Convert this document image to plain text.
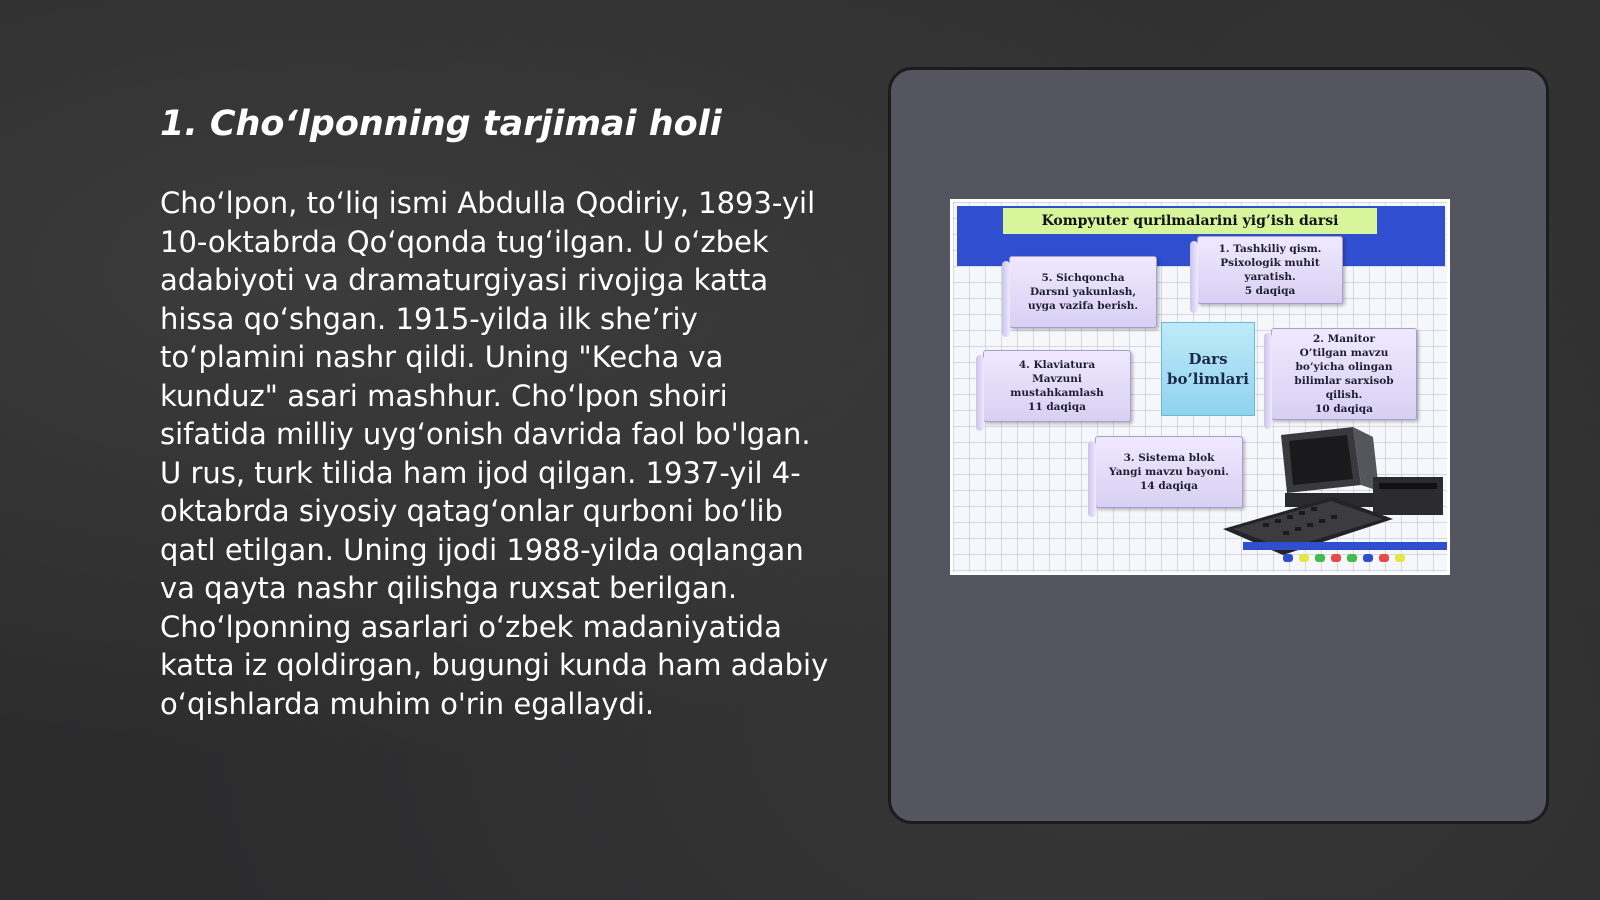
1. Cho‘lponning tarjimai holi
Cho‘lpon, to‘liq ismi Abdulla Qodiriy, 1893-yil 10-oktabrda Qo‘qonda tug‘ilgan. U o‘zbek adabiyoti va dramaturgiyasi rivojiga katta hissa qo‘shgan. 1915-yilda ilk she’riy to‘plamini nashr qildi. Uning "Kecha va kunduz" asari mashhur. Cho‘lpon shoiri sifatida milliy uyg‘onish davrida faol bo'lgan. U rus, turk tilida ham ijod qilgan. 1937-yil 4-oktabrda siyosiy qatag‘onlar qurboni bo‘lib qatl etilgan. Uning ijodi 1988-yilda oqlangan va qayta nashr qilishga ruxsat berilgan. Cho‘lponning asarlari o‘zbek madaniyatida katta iz qoldirgan, bugungi kunda ham adabiy o‘qishlarda muhim o'rin egallaydi.
Kompyuter qurilmalarini yig’ish darsi
5. Sichqoncha
Darsni yakunlash,
uyga vazifa berish.
1. Tashkiliy qism.
Psixologik muhit
yaratish.
5 daqiqa
4. Klaviatura
Mavzuni
mustahkamlash
11 daqiqa
Dars
bo’limlari
2. Manitor
O’tilgan mavzu
bo’yicha olingan
bilimlar sarxisob
qilish.
10 daqiqa
3. Sistema blok
Yangi mavzu bayoni.
14 daqiqa
